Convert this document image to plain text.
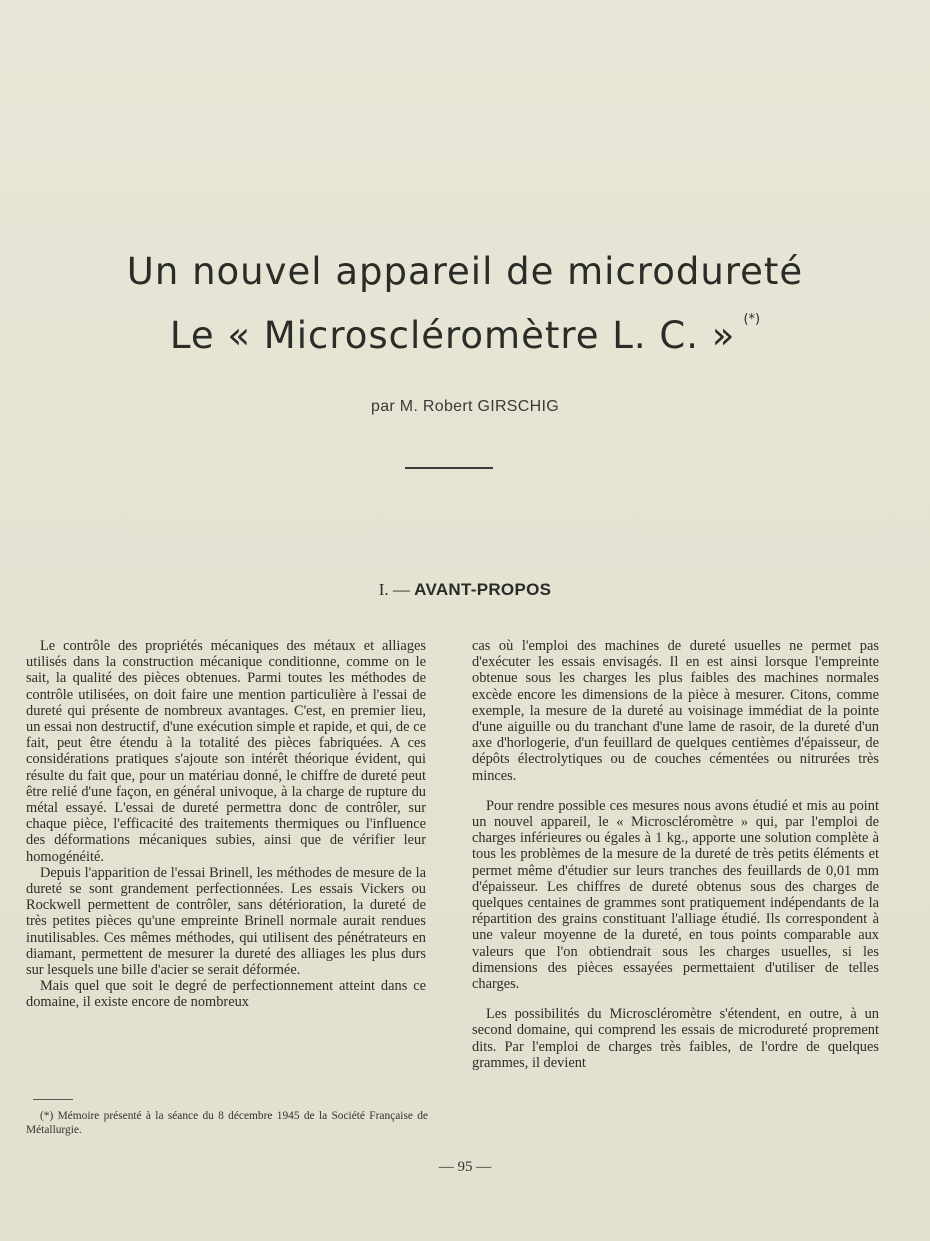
Un nouvel appareil de microdureté
Le « Microscléromètre L. C. » (*)
par M. Robert GIRSCHIG
I. — AVANT-PROPOS

Le contrôle des propriétés mécaniques des métaux et alliages utilisés dans la construction mécanique conditionne, comme on le sait, la qualité des pièces obtenues. Parmi toutes les méthodes de contrôle utilisées, on doit faire une mention particulière à l'essai de dureté qui présente de nombreux avantages. C'est, en premier lieu, un essai non destructif, d'une exécution simple et rapide, et qui, de ce fait, peut être étendu à la totalité des pièces fabriquées. A ces considérations pratiques s'ajoute son intérêt théorique évident, qui résulte du fait que, pour un matériau donné, le chiffre de dureté peut être relié d'une façon, en général univoque, à la charge de rupture du métal essayé. L'essai de dureté permettra donc de contrôler, sur chaque pièce, l'efficacité des traitements thermiques ou l'influence des déformations mécaniques subies, ainsi que de vérifier leur homogénéité.

Depuis l'apparition de l'essai Brinell, les méthodes de mesure de la dureté se sont grandement perfectionnées. Les essais Vickers ou Rockwell permettent de contrôler, sans détérioration, la dureté de très petites pièces qu'une empreinte Brinell normale aurait rendues inutilisables. Ces mêmes méthodes, qui utilisent des pénétrateurs en diamant, permettent de mesurer la dureté des alliages les plus durs sur lesquels une bille d'acier se serait déformée.

Mais quel que soit le degré de perfectionnement atteint dans ce domaine, il existe encore de nombreux

cas où l'emploi des machines de dureté usuelles ne permet pas d'exécuter les essais envisagés. Il en est ainsi lorsque l'empreinte obtenue sous les charges les plus faibles des machines normales excède encore les dimensions de la pièce à mesurer. Citons, comme exemple, la mesure de la dureté au voisinage immédiat de la pointe d'une aiguille ou du tranchant d'une lame de rasoir, de la dureté d'un axe d'horlogerie, d'un feuillard de quelques centièmes d'épaisseur, de dépôts électrolytiques ou de couches cémentées ou nitrurées très minces.

Pour rendre possible ces mesures nous avons étudié et mis au point un nouvel appareil, le « Microscléromètre » qui, par l'emploi de charges inférieures ou égales à 1 kg., apporte une solution complète à tous les problèmes de la mesure de la dureté de très petits éléments et permet même d'étudier sur leurs tranches des feuillards de 0,01 mm d'épaisseur. Les chiffres de dureté obtenus sous des charges de quelques centaines de grammes sont pratiquement indépendants de la répartition des grains constituant l'alliage étudié. Ils correspondent à une valeur moyenne de la dureté, en tous points comparable aux valeurs que l'on obtiendrait sous les charges usuelles, si les dimensions des pièces essayées permettaient d'utiliser de telles charges.

Les possibilités du Microscléromètre s'étendent, en outre, à un second domaine, qui comprend les essais de microdureté proprement dits. Par l'emploi de charges très faibles, de l'ordre de quelques grammes, il devient

(*) Mémoire présenté à la séance du 8 décembre 1945 de la Société Française de Métallurgie.
— 95 —
